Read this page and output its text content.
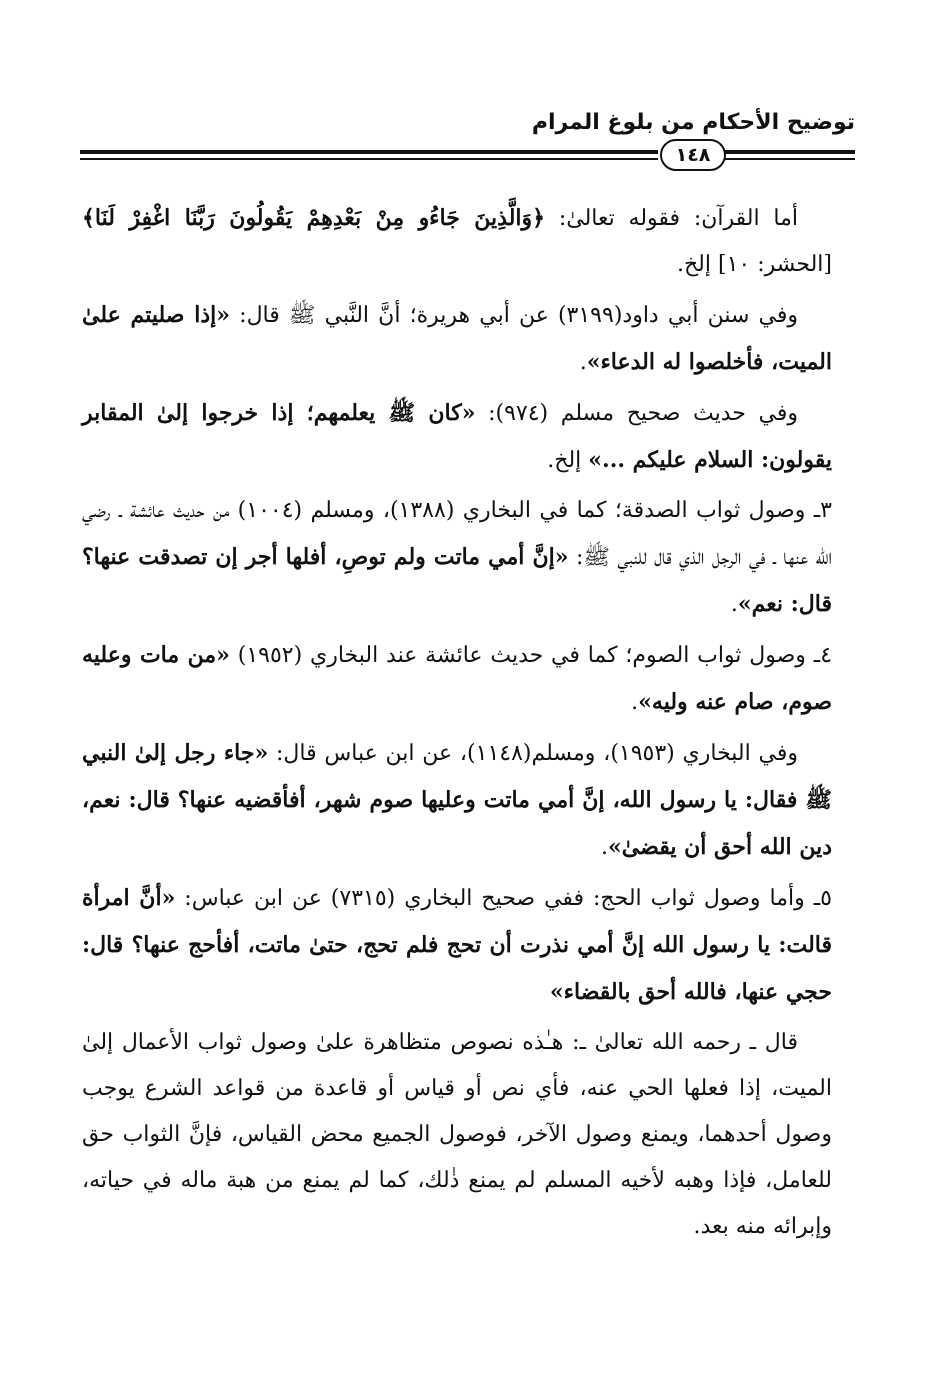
توضيح الأحكام من بلوغ المرام
١٤٨

أما القرآن: فقوله تعالىٰ: ﴿وَالَّذِينَ جَاءُو مِنْ بَعْدِهِمْ يَقُولُونَ رَبَّنَا اغْفِرْ لَنَا﴾ [الحشر: ١٠] إلخ.

وفي سنن أبي داود(٣١٩٩) عن أبي هريرة؛ أنَّ النَّبي ﷺ قال: «إذا صليتم علىٰ الميت، فأخلصوا له الدعاء».

وفي حديث صحيح مسلم (٩٧٤): «كان ﷺ يعلمهم؛ إذا خرجوا إلىٰ المقابر يقولون: السلام عليكم ...» إلخ.

٣ـ وصول ثواب الصدقة؛ كما في البخاري (١٣٨٨)، ومسلم (١٠٠٤) من حديث عائشة ـ رضي الله عنها ـ في الرجل الذي قال للنبي ﷺ: «إنَّ أمي ماتت ولم توصِ، أفلها أجر إن تصدقت عنها؟ قال: نعم».

٤ـ وصول ثواب الصوم؛ كما في حديث عائشة عند البخاري (١٩٥٢) «من مات وعليه صوم، صام عنه وليه».

وفي البخاري (١٩٥٣)، ومسلم(١١٤٨)، عن ابن عباس قال: «جاء رجل إلىٰ النبي ﷺ فقال: يا رسول الله، إنَّ أمي ماتت وعليها صوم شهر، أفأقضيه عنها؟ قال: نعم، دين الله أحق أن يقضىٰ».

٥ـ وأما وصول ثواب الحج: ففي صحيح البخاري (٧٣١٥) عن ابن عباس: «أنَّ امرأة قالت: يا رسول الله إنَّ أمي نذرت أن تحج فلم تحج، حتىٰ ماتت، أفأحج عنها؟ قال: حجي عنها، فالله أحق بالقضاء»

قال ـ رحمه الله تعالىٰ ـ: هـٰذه نصوص متظاهرة علىٰ وصول ثواب الأعمال إلىٰ الميت، إذا فعلها الحي عنه، فأي نص أو قياس أو قاعدة من قواعد الشرع يوجب وصول أحدهما، ويمنع وصول الآخر، فوصول الجميع محض القياس، فإنَّ الثواب حق للعامل، فإذا وهبه لأخيه المسلم لم يمنع ذٰلك، كما لم يمنع من هبة ماله في حياته، وإبرائه منه بعد.
